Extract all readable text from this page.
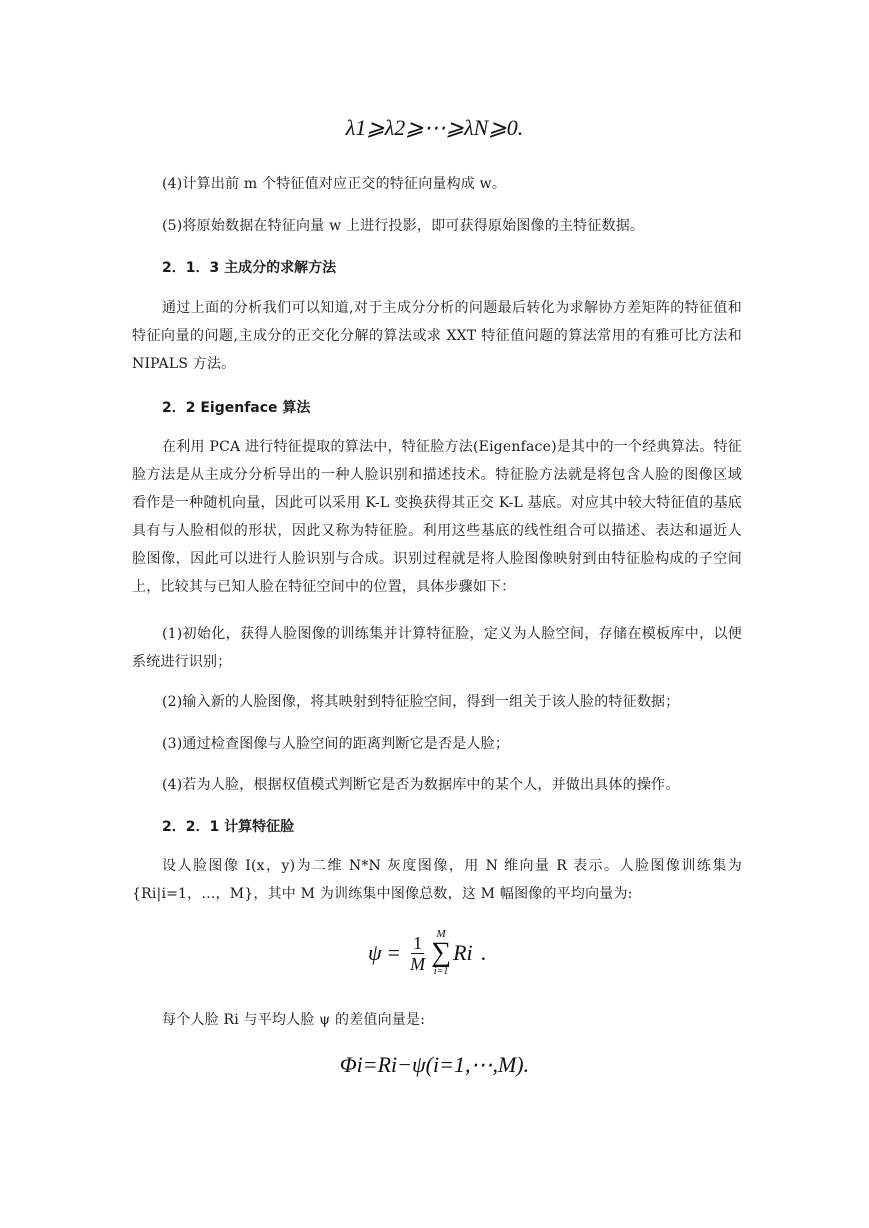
λ1⩾λ2⩾⋯⩾λN⩾0.
(4)计算出前 m 个特征值对应正交的特征向量构成 w。
(5)将原始数据在特征向量 w 上进行投影，即可获得原始图像的主特征数据。
2．1．3 主成分的求解方法
通过上面的分析我们可以知道,对于主成分分析的问题最后转化为求解协方差矩阵的特征值和特征向量的问题,主成分的正交化分解的算法或求 XXT 特征值问题的算法常用的有雅可比方法和 NIPALS 方法。
2．2 Eigenface 算法
在利用 PCA 进行特征提取的算法中，特征脸方法(Eigenface)是其中的一个经典算法。特征脸方法是从主成分分析导出的一种人脸识别和描述技术。特征脸方法就是将包含人脸的图像区域看作是一种随机向量，因此可以采用 K-L 变换获得其正交 K-L 基底。对应其中较大特征值的基底具有与人脸相似的形状，因此又称为特征脸。利用这些基底的线性组合可以描述、表达和逼近人脸图像，因此可以进行人脸识别与合成。识别过程就是将人脸图像映射到由特征脸构成的子空间上，比较其与已知人脸在特征空间中的位置，具体步骤如下：
(1)初始化，获得人脸图像的训练集并计算特征脸，定义为人脸空间，存储在模板库中，以便系统进行识别；
(2)输入新的人脸图像，将其映射到特征脸空间，得到一组关于该人脸的特征数据；
(3)通过检查图像与人脸空间的距离判断它是否是人脸；
(4)若为人脸，根据权值模式判断它是否为数据库中的某个人，并做出具体的操作。
2．2．1 计算特征脸
设人脸图像 I(x，y)为二维 N*N 灰度图像，用 N 维向量 R 表示。人脸图像训练集为{Ri|i=1，…，M}，其中 M 为训练集中图像总数，这 M 幅图像的平均向量为:
$\psi = \frac{1}{M}$ M
∑
i=1
Ri .
每个人脸 Ri 与平均人脸 ψ 的差值向量是:
Φi=Ri−ψ(i=1,⋯,M).
